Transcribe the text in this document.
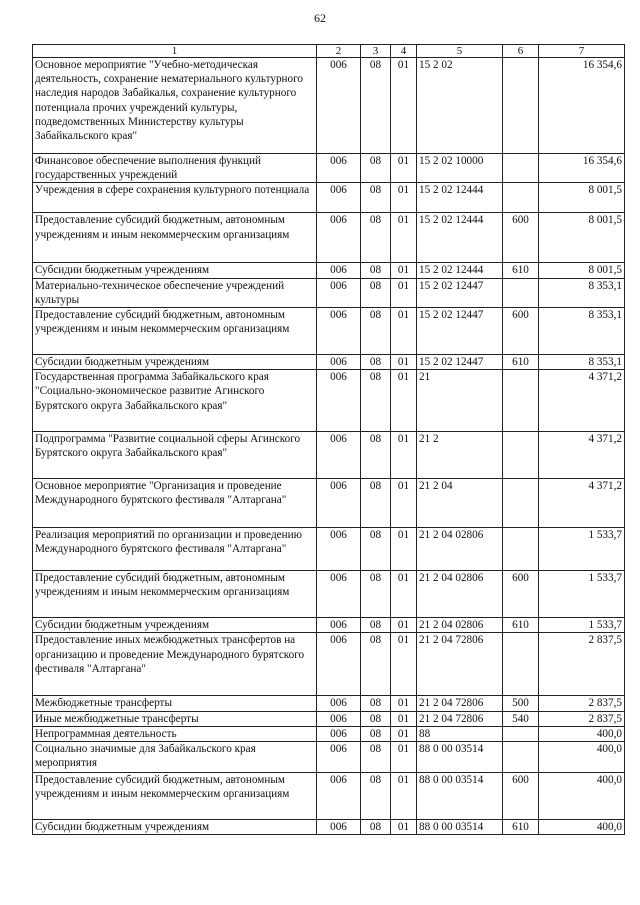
62
1	2	3	4	5	6	7
Основное мероприятие "Учебно-методическая деятельность, сохранение нематериального культурного наследия народов Забайкалья, сохранение культурного потенциала прочих учреждений культуры, подведомственных Министерству культуры Забайкальского края"	006	08	01	15 2 02		16 354,6
Финансовое обеспечение выполнения функций государственных учреждений	006	08	01	15 2 02 10000		16 354,6
Учреждения в сфере сохранения культурного потенциала	006	08	01	15 2 02 12444		8 001,5
Предоставление субсидий бюджетным, автономным учреждениям и иным некоммерческим организациям	006	08	01	15 2 02 12444	600	8 001,5
Субсидии бюджетным учреждениям	006	08	01	15 2 02 12444	610	8 001,5
Материально-техническое обеспечение учреждений культуры	006	08	01	15 2 02 12447		8 353,1
Предоставление субсидий бюджетным, автономным учреждениям и иным некоммерческим организациям	006	08	01	15 2 02 12447	600	8 353,1
Субсидии бюджетным учреждениям	006	08	01	15 2 02 12447	610	8 353,1
Государственная программа Забайкальского края "Социально-экономическое развитие Агинского Бурятского округа Забайкальского края"	006	08	01	21		4 371,2
Подпрограмма "Развитие социальной сферы Агинского Бурятского округа Забайкальского края"	006	08	01	21 2		4 371,2
Основное мероприятие "Организация и проведение Международного бурятского фестиваля "Алтаргана"	006	08	01	21 2 04		4 371,2
Реализация мероприятий по организации и проведению Международного бурятского фестиваля "Алтаргана"	006	08	01	21 2 04 02806		1 533,7
Предоставление субсидий бюджетным, автономным учреждениям и иным некоммерческим организациям	006	08	01	21 2 04 02806	600	1 533,7
Субсидии бюджетным учреждениям	006	08	01	21 2 04 02806	610	1 533,7
Предоставление иных межбюджетных трансфертов на организацию и проведение Международного бурятского фестиваля "Алтаргана"	006	08	01	21 2 04 72806		2 837,5
Межбюджетные трансферты	006	08	01	21 2 04 72806	500	2 837,5
Иные межбюджетные трансферты	006	08	01	21 2 04 72806	540	2 837,5
Непрограммная деятельность	006	08	01	88		400,0
Социально значимые для Забайкальского края мероприятия	006	08	01	88 0 00 03514		400,0
Предоставление субсидий бюджетным, автономным учреждениям и иным некоммерческим организациям	006	08	01	88 0 00 03514	600	400,0
Субсидии бюджетным учреждениям	006	08	01	88 0 00 03514	610	400,0
